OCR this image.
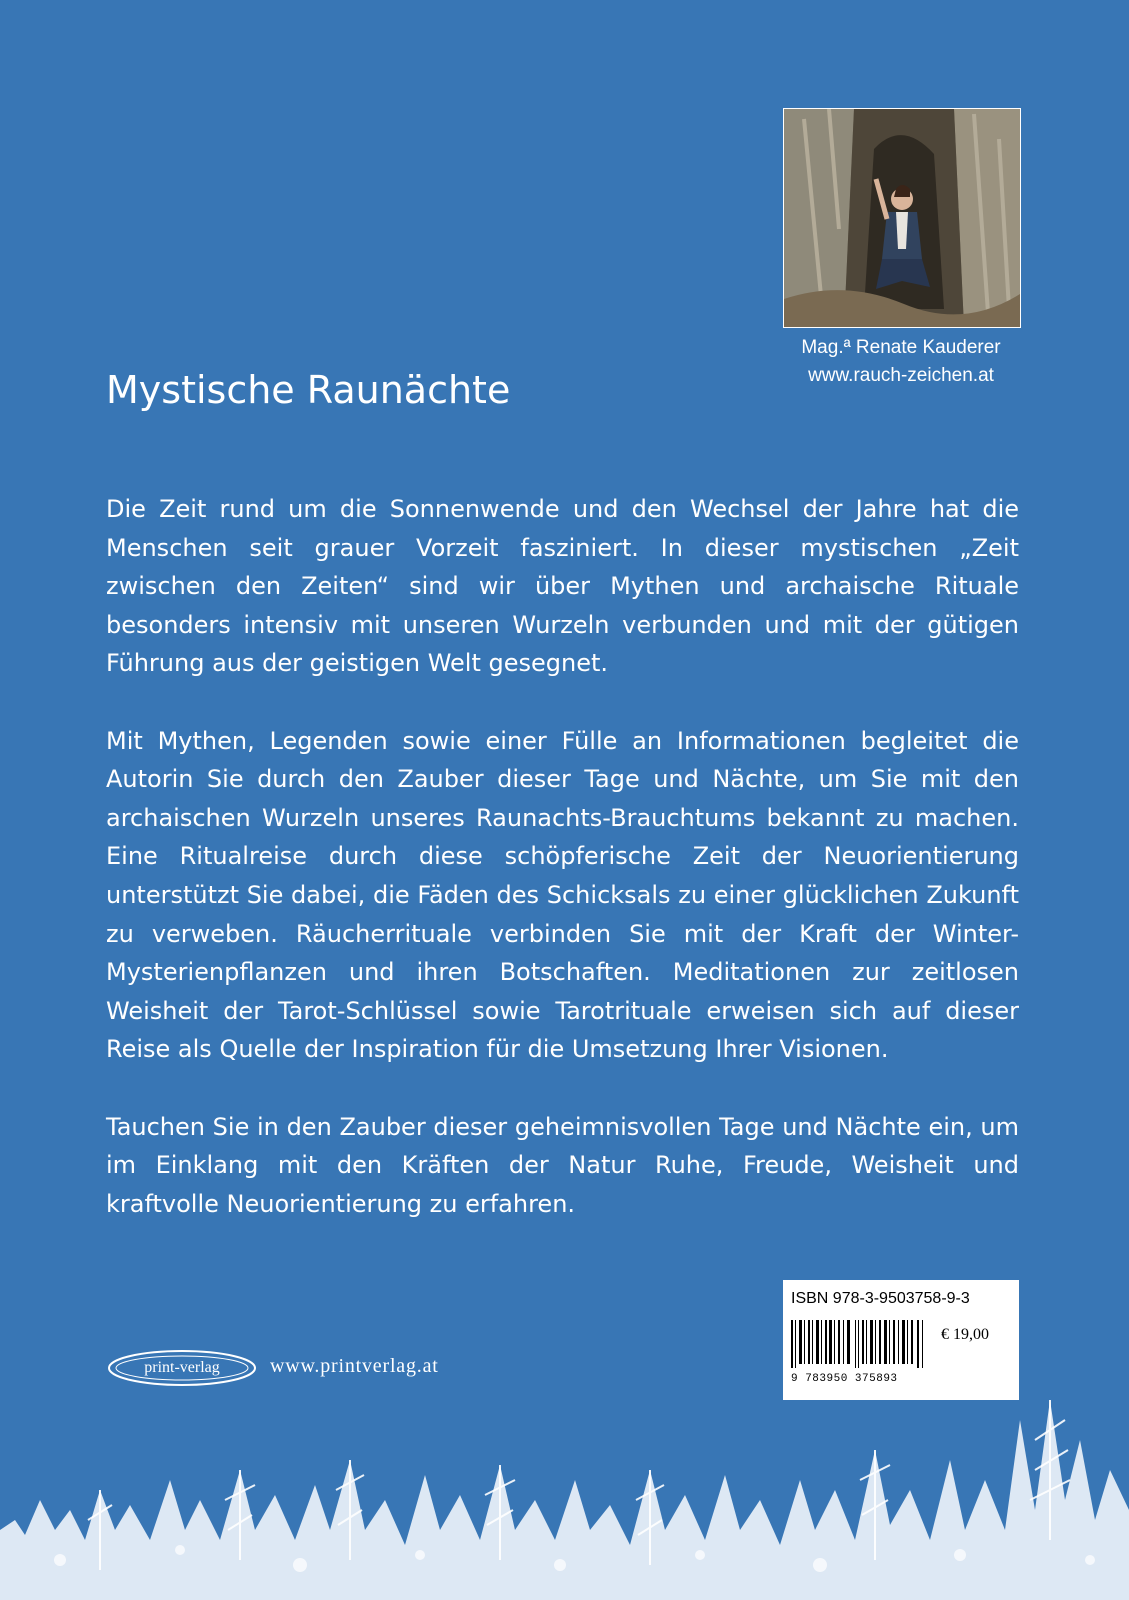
Mag.ª Renate Kauderer
www.rauch-zeichen.at
Mystische Raunächte

Die Zeit rund um die Sonnenwende und den Wechsel der Jahre hat die Menschen seit grauer Vorzeit fasziniert. In dieser mystischen „Zeit zwischen den Zeiten“ sind wir über Mythen und archaische Rituale besonders intensiv mit unseren Wurzeln verbunden und mit der gütigen Führung aus der geistigen Welt gesegnet.

Mit Mythen, Legenden sowie einer Fülle an Informationen begleitet die Autorin Sie durch den Zauber dieser Tage und Nächte, um Sie mit den archaischen Wurzeln unseres Raunachts-Brauchtums bekannt zu machen. Eine Ritualreise durch diese schöpferische Zeit der Neuorientierung unterstützt Sie dabei, die Fäden des Schicksals zu einer glücklichen Zukunft zu verweben. Räucherrituale verbinden Sie mit der Kraft der Winter-Mysterienpflanzen und ihren Botschaften. Meditationen zur zeitlosen Weisheit der Tarot-Schlüssel sowie Tarotrituale erweisen sich auf dieser Reise als Quelle der Inspiration für die Umsetzung Ihrer Visionen.

Tauchen Sie in den Zauber dieser geheimnisvollen Tage und Nächte ein, um im Einklang mit den Kräften der Natur Ruhe, Freude, Weisheit und kraftvolle Neuorientierung zu erfahren.

ISBN 978-3-9503758-9-3
€ 19,00
9 783950 375893
print-verlag	www.printverlag.at
